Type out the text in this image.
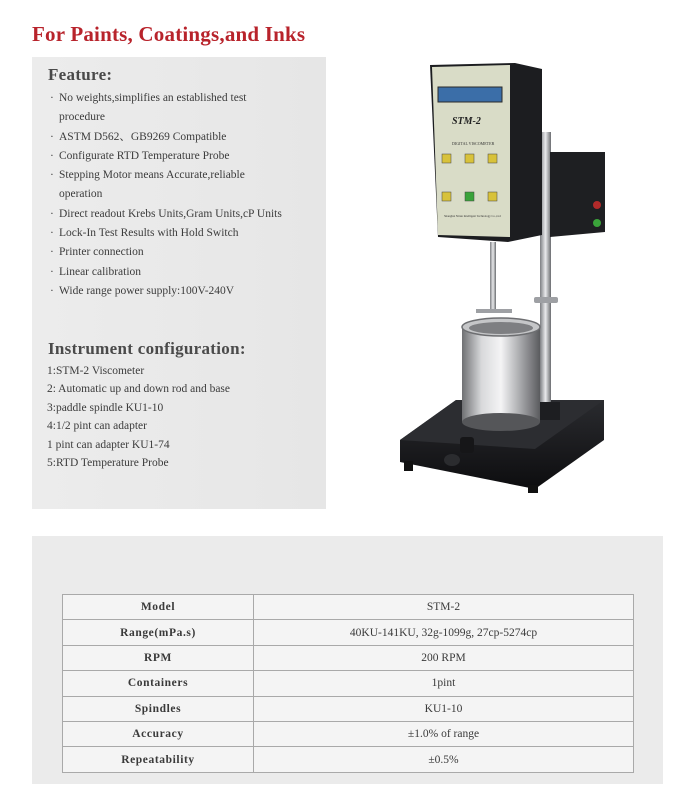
For Paints, Coatings,and Inks
Feature:
· No weights,simplifies an established test
procedure
· ASTM D562、GB9269 Compatible
· Configurate RTD Temperature Probe
· Stepping Motor means Accurate,reliable
operation
· Direct readout Krebs Units,Gram Units,cP Units
· Lock-In Test Results with Hold Switch
· Printer connection
· Linear calibration
· Wide range power supply:100V-240V
Instrument configuration:
1:STM-2 Viscometer
2: Automatic up and down rod and base
3:paddle spindle KU1-10
4:1/2 pint can adapter
1 pint can adapter KU1-74
5:RTD Temperature Probe
STM-2
DIGITAL VISCOMETER
Shanghai Nirun Intelligent Technology Co.,Ltd
Model	STM-2
Range(mPa.s)	40KU-141KU, 32g-1099g, 27cp-5274cp
RPM	200 RPM
Containers	1pint
Spindles	KU1-10
Accuracy	±1.0% of range
Repeatability	±0.5%
